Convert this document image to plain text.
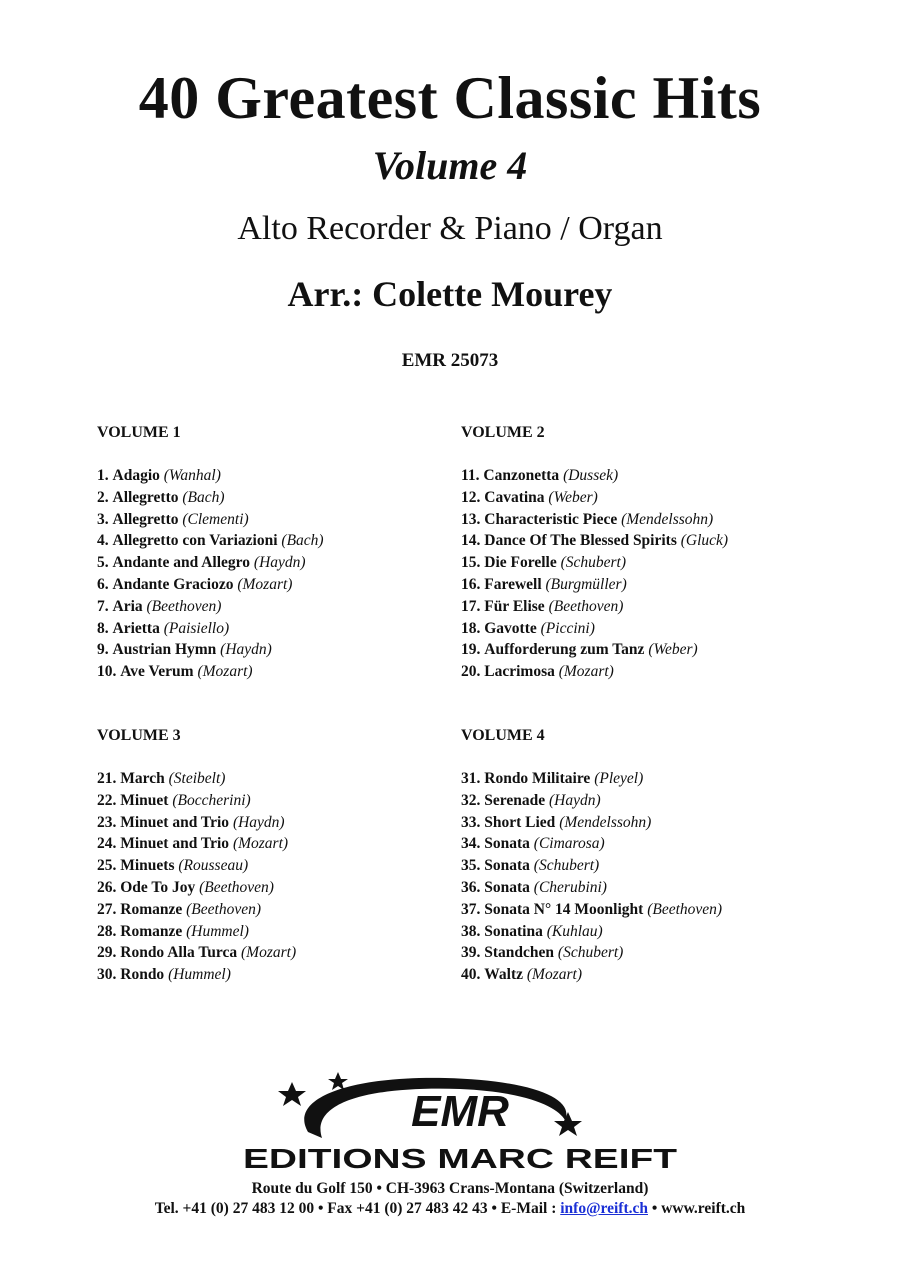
40 Greatest Classic Hits
Volume 4
Alto Recorder & Piano / Organ
Arr.: Colette Mourey
EMR 25073
VOLUME 1
1. Adagio (Wanhal)
2. Allegretto (Bach)
3. Allegretto (Clementi)
4. Allegretto con Variazioni (Bach)
5. Andante and Allegro (Haydn)
6. Andante Graciozo (Mozart)
7. Aria (Beethoven)
8. Arietta (Paisiello)
9. Austrian Hymn (Haydn)
10. Ave Verum (Mozart)
VOLUME 2
11. Canzonetta (Dussek)
12. Cavatina (Weber)
13. Characteristic Piece (Mendelssohn)
14. Dance Of The Blessed Spirits (Gluck)
15. Die Forelle (Schubert)
16. Farewell (Burgmüller)
17. Für Elise (Beethoven)
18. Gavotte (Piccini)
19. Aufforderung zum Tanz (Weber)
20. Lacrimosa (Mozart)
VOLUME 3
21. March (Steibelt)
22. Minuet (Boccherini)
23. Minuet and Trio (Haydn)
24. Minuet and Trio (Mozart)
25. Minuets (Rousseau)
26. Ode To Joy (Beethoven)
27. Romanze (Beethoven)
28. Romanze (Hummel)
29. Rondo Alla Turca (Mozart)
30. Rondo (Hummel)
VOLUME 4
31. Rondo Militaire (Pleyel)
32. Serenade (Haydn)
33. Short Lied (Mendelssohn)
34. Sonata (Cimarosa)
35. Sonata (Schubert)
36. Sonata (Cherubini)
37. Sonata N° 14 Moonlight (Beethoven)
38. Sonatina (Kuhlau)
39. Standchen (Schubert)
40. Waltz (Mozart)
EMR
EDITIONS MARC REIFT
Route du Golf 150 • CH-3963 Crans-Montana (Switzerland)
Tel. +41 (0) 27 483 12 00 • Fax +41 (0) 27 483 42 43 • E-Mail : info@reift.ch • www.reift.ch
